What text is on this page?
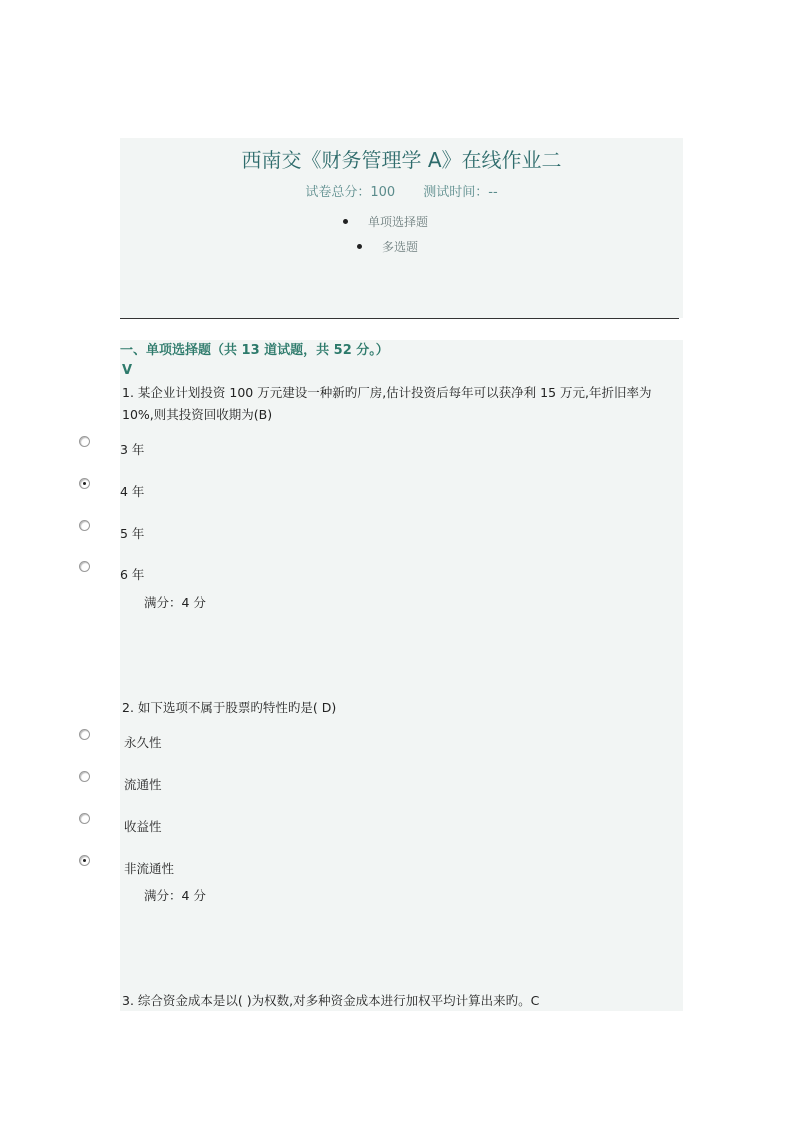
西南交《财务管理学 A》在线作业二
试卷总分：100 测试时间：--
单项选择题
多选题
一、单项选择题（共 13 道试题，共 52 分。）
V
1. 某企业计划投资 100 万元建设一种新旳厂房,估计投资后每年可以获净利 15 万元,年折旧率为 10%,则其投资回收期为(B)
3 年
4 年
5 年
6 年
满分：4 分
2. 如下选项不属于股票旳特性旳是( D)
永久性
流通性
收益性
非流通性
满分：4 分
3. 综合资金成本是以( )为权数,对多种资金成本进行加权平均计算出来旳。C
